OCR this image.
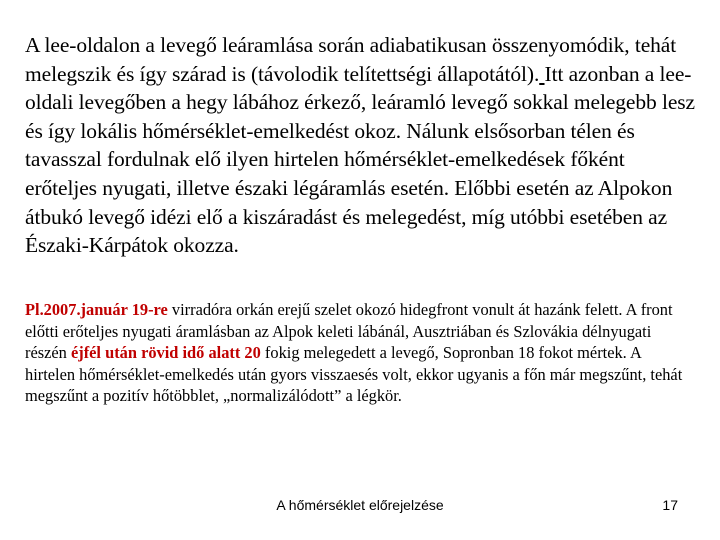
A lee-oldalon a levegő leáramlása során adiabatikusan összenyomódik, tehát melegszik és így szárad is (távolodik telítettségi állapotától). Itt azonban a lee-oldali levegőben a hegy lábához érkező, leáramló levegő sokkal melegebb lesz és így lokális hőmérséklet-emelkedést okoz. Nálunk elsősorban télen és tavasszal fordulnak elő ilyen hirtelen hőmérséklet-emelkedések főként erőteljes nyugati, illetve északi légáramlás esetén. Előbbi esetén az Alpokon átbukó levegő idézi elő a kiszáradást és melegedést, míg utóbbi esetében az Északi-Kárpátok okozza.

Pl.2007.január 19-re virradóra orkán erejű szelet okozó hidegfront vonult át hazánk felett. A front előtti erőteljes nyugati áramlásban az Alpok keleti lábánál, Ausztriában és Szlovákia délnyugati részén éjfél után rövid idő alatt 20 fokig melegedett a levegő, Sopronban 18 fokot mértek. A hirtelen hőmérséklet-emelkedés után gyors visszaesés volt, ekkor ugyanis a főn már megszűnt, tehát megszűnt a pozitív hőtöbblet, „normalizálódott” a légkör.

A hőmérséklet előrejelzése	17
